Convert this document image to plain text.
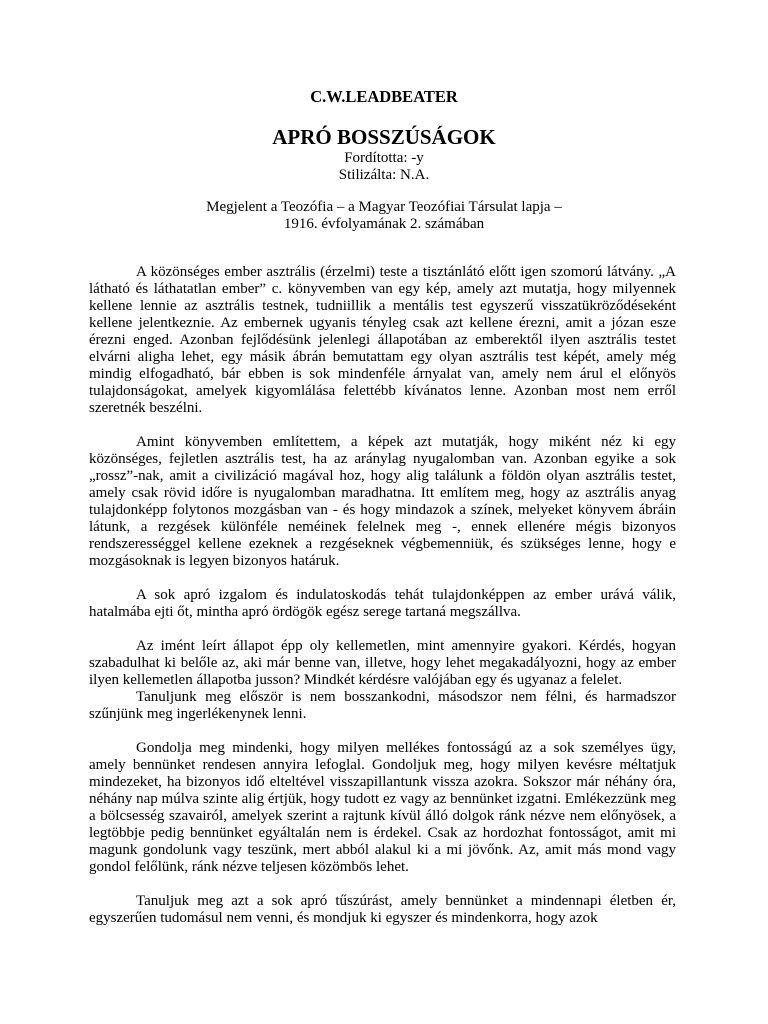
C.W.LEADBEATER
APRÓ BOSSZÚSÁGOK
Fordította: -y
Stilizálta: N.A.
Megjelent a Teozófia – a Magyar Teozófiai Társulat lapja –
1916. évfolyamának 2. számában

A közönséges ember asztrális (érzelmi) teste a tisztánlátó előtt igen szomorú látvány. „A látható és láthatatlan ember” c. könyvemben van egy kép, amely azt mutatja, hogy milyennek kellene lennie az asztrális testnek, tudniillik a mentális test egyszerű visszatükröződéseként kellene jelentkeznie. Az embernek ugyanis tényleg csak azt kellene érezni, amit a józan esze érezni enged. Azonban fejlődésünk jelenlegi állapotában az emberektől ilyen asztrális testet elvárni aligha lehet, egy másik ábrán bemutattam egy olyan asztrális test képét, amely még mindig elfogadható, bár ebben is sok mindenféle árnyalat van, amely nem árul el előnyös tulajdonságokat, amelyek kigyomlálása felettébb kívánatos lenne. Azonban most nem erről szeretnék beszélni.

Amint könyvemben említettem, a képek azt mutatják, hogy miként néz ki egy közönséges, fejletlen asztrális test, ha az aránylag nyugalomban van. Azonban egyike a sok „rossz”-nak, amit a civilizáció magával hoz, hogy alig találunk a földön olyan asztrális testet, amely csak rövid időre is nyugalomban maradhatna. Itt említem meg, hogy az asztrális anyag tulajdonképp folytonos mozgásban van - és hogy mindazok a színek, melyeket könyvem ábráin látunk, a rezgések különféle neméinek felelnek meg -, ennek ellenére mégis bizonyos rendszerességgel kellene ezeknek a rezgéseknek végbemenniük, és szükséges lenne, hogy e mozgásoknak is legyen bizonyos határuk.

A sok apró izgalom és indulatoskodás tehát tulajdonképpen az ember urává válik, hatalmába ejti őt, mintha apró ördögök egész serege tartaná megszállva.

Az imént leírt állapot épp oly kellemetlen, mint amennyire gyakori. Kérdés, hogyan szabadulhat ki belőle az, aki már benne van, illetve, hogy lehet megakadályozni, hogy az ember ilyen kellemetlen állapotba jusson? Mindkét kérdésre valójában egy és ugyanaz a felelet.

Tanuljunk meg először is nem bosszankodni, másodszor nem félni, és harmadszor szűnjünk meg ingerlékenynek lenni.

Gondolja meg mindenki, hogy milyen mellékes fontosságú az a sok személyes ügy, amely bennünket rendesen annyira lefoglal. Gondoljuk meg, hogy milyen kevésre méltatjuk mindezeket, ha bizonyos idő elteltével visszapillantunk vissza azokra. Sokszor már néhány óra, néhány nap múlva szinte alig értjük, hogy tudott ez vagy az bennünket izgatni. Emlékezzünk meg a bölcsesség szavairól, amelyek szerint a rajtunk kívül álló dolgok ránk nézve nem előnyösek, a legtöbbje pedig bennünket egyáltalán nem is érdekel. Csak az hordozhat fontosságot, amit mi magunk gondolunk vagy teszünk, mert abból alakul ki a mi jövőnk. Az, amit más mond vagy gondol felőlünk, ránk nézve teljesen közömbös lehet.

Tanuljuk meg azt a sok apró tűszúrást, amely bennünket a mindennapi életben ér, egyszerűen tudomásul nem venni, és mondjuk ki egyszer és mindenkorra, hogy azok
